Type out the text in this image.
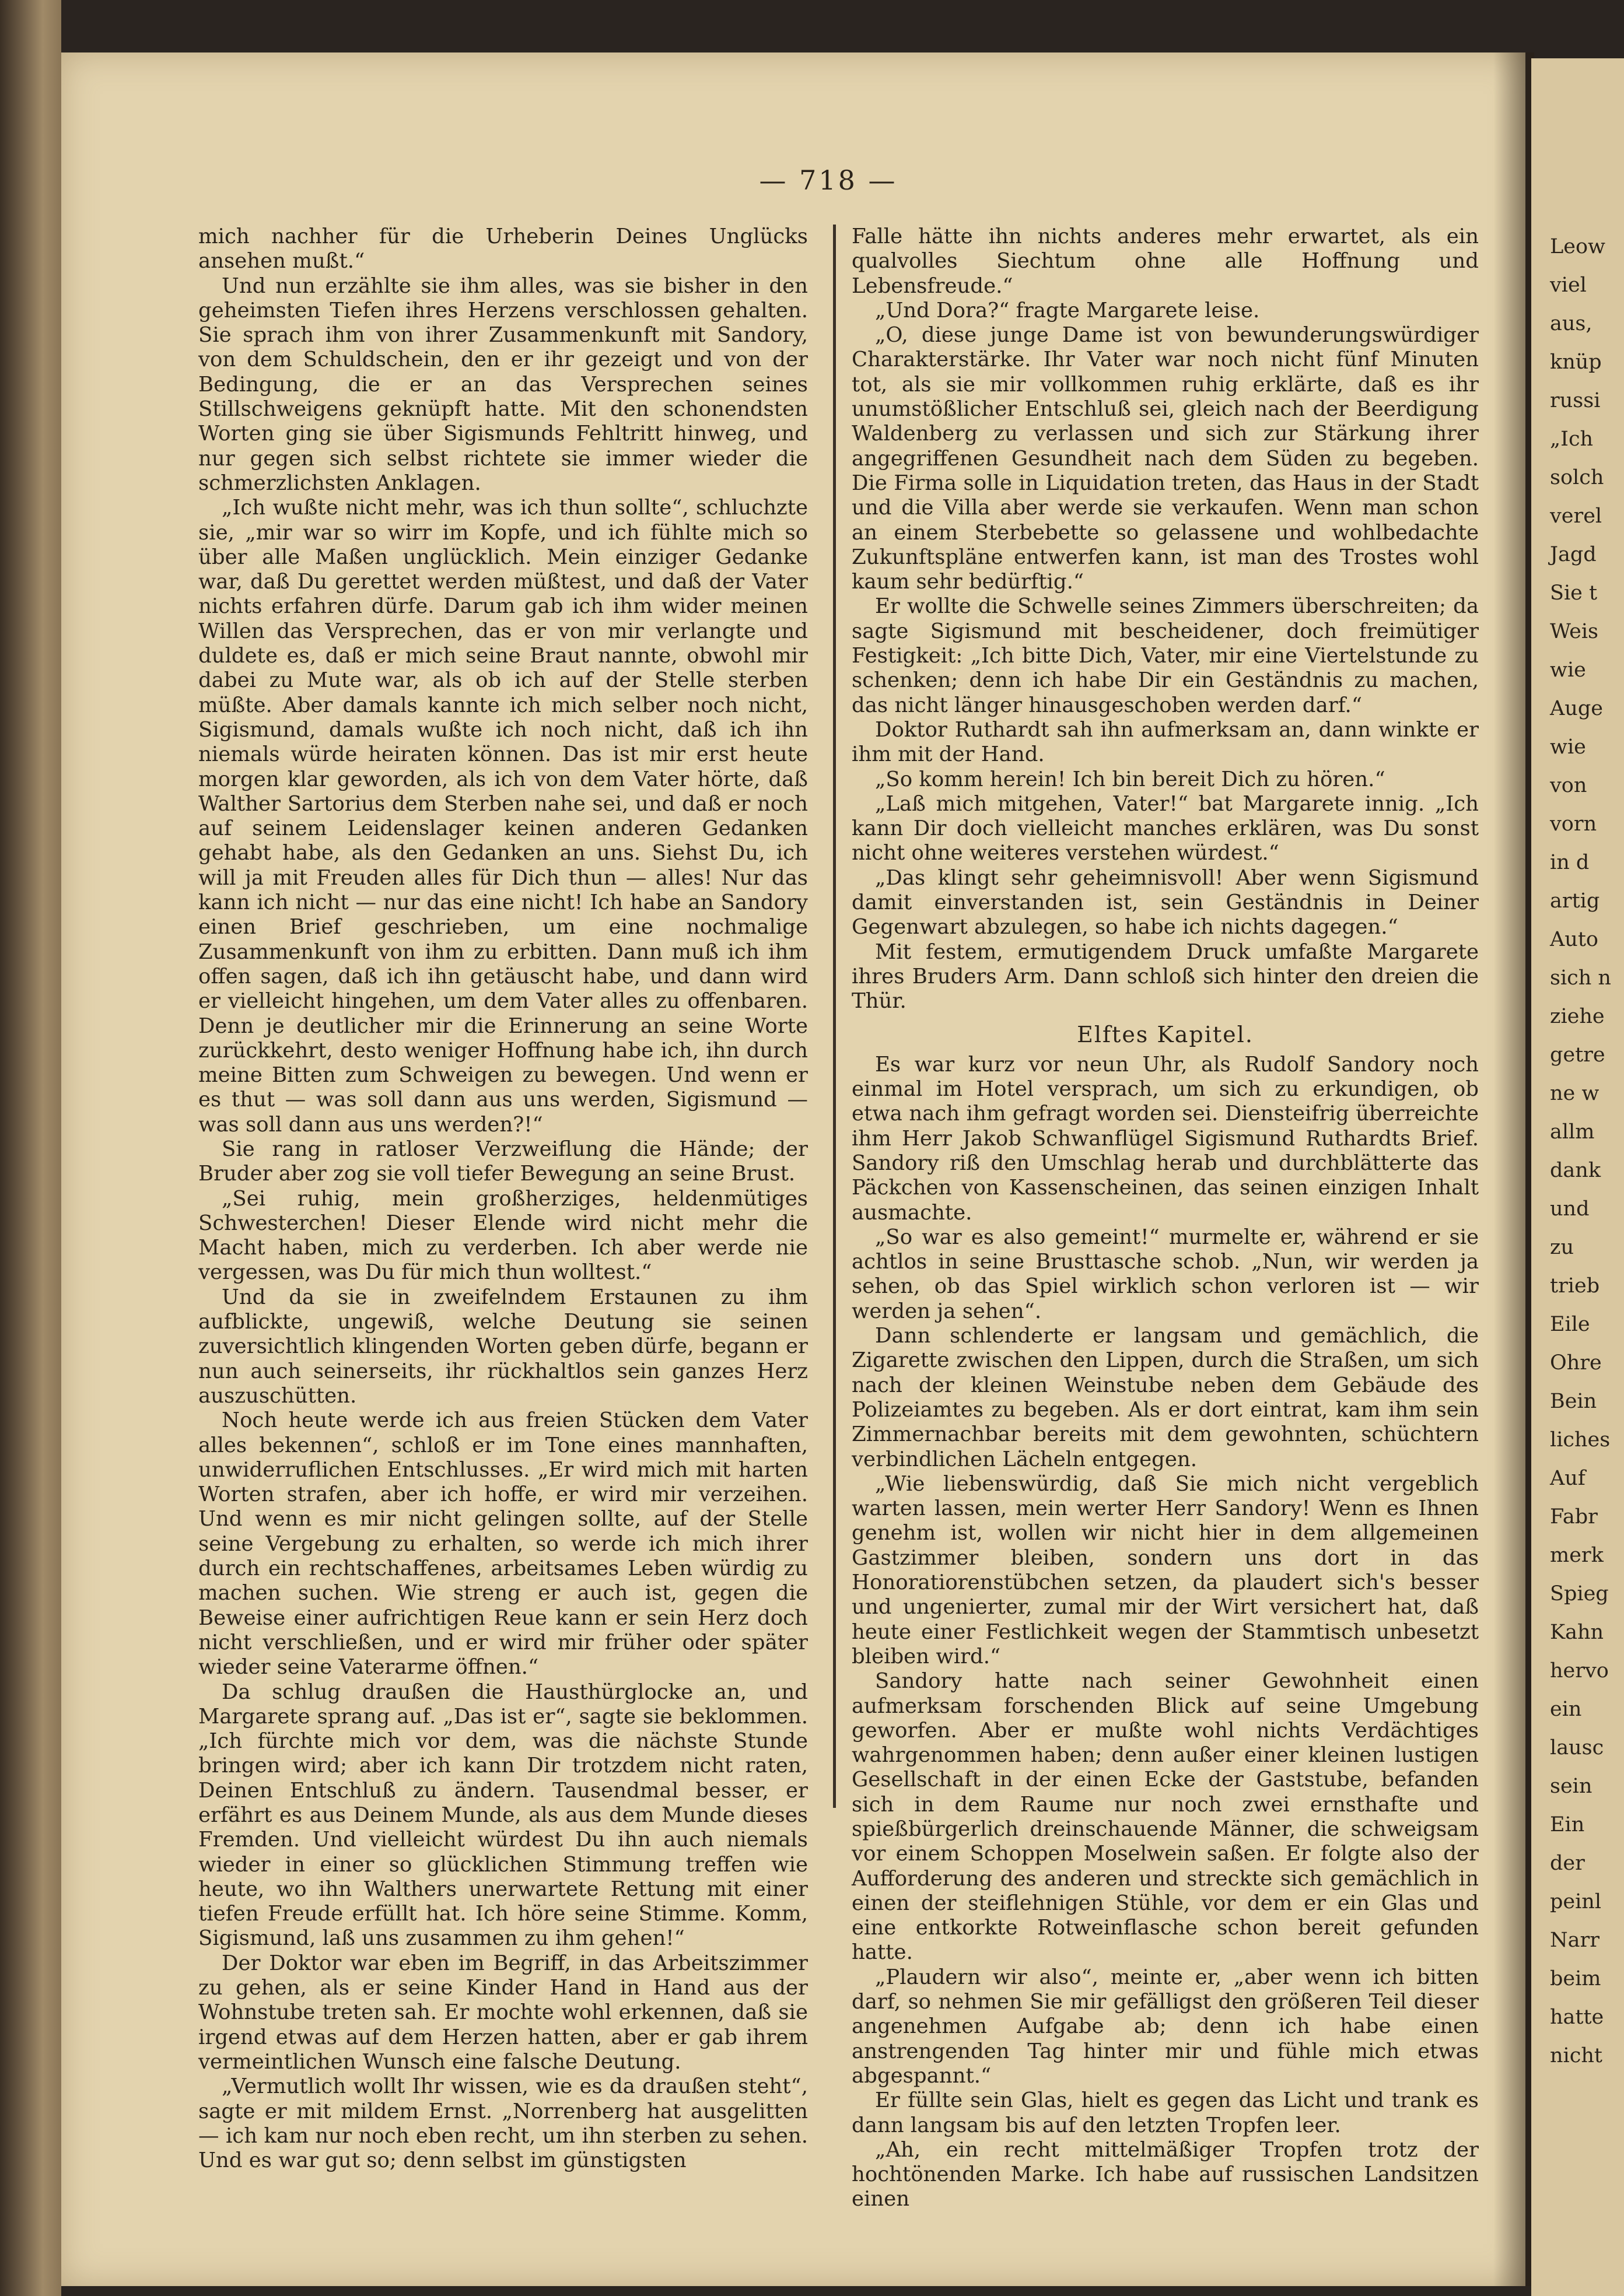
— 718 —

mich nachher für die Urheberin Deines Unglücks ansehen mußt.“

Und nun erzählte sie ihm alles, was sie bisher in den geheimsten Tiefen ihres Herzens verschlossen gehalten. Sie sprach ihm von ihrer Zusammenkunft mit Sandory, von dem Schuldschein, den er ihr gezeigt und von der Bedingung, die er an das Versprechen seines Stillschweigens geknüpft hatte. Mit den schonendsten Worten ging sie über Sigismunds Fehltritt hinweg, und nur gegen sich selbst richtete sie immer wieder die schmerzlichsten Anklagen.

„Ich wußte nicht mehr, was ich thun sollte“, schluchzte sie, „mir war so wirr im Kopfe, und ich fühlte mich so über alle Maßen unglücklich. Mein einziger Gedanke war, daß Du gerettet werden müßtest, und daß der Vater nichts erfahren dürfe. Darum gab ich ihm wider meinen Willen das Versprechen, das er von mir verlangte und duldete es, daß er mich seine Braut nannte, obwohl mir dabei zu Mute war, als ob ich auf der Stelle sterben müßte. Aber damals kannte ich mich selber noch nicht, Sigismund, damals wußte ich noch nicht, daß ich ihn niemals würde heiraten können. Das ist mir erst heute morgen klar geworden, als ich von dem Vater hörte, daß Walther Sartorius dem Sterben nahe sei, und daß er noch auf seinem Leidenslager keinen anderen Gedanken gehabt habe, als den Gedanken an uns. Siehst Du, ich will ja mit Freuden alles für Dich thun — alles! Nur das kann ich nicht — nur das eine nicht! Ich habe an Sandory einen Brief geschrieben, um eine nochmalige Zusammenkunft von ihm zu erbitten. Dann muß ich ihm offen sagen, daß ich ihn getäuscht habe, und dann wird er vielleicht hingehen, um dem Vater alles zu offenbaren. Denn je deutlicher mir die Erinnerung an seine Worte zurückkehrt, desto weniger Hoffnung habe ich, ihn durch meine Bitten zum Schweigen zu bewegen. Und wenn er es thut — was soll dann aus uns werden, Sigismund — was soll dann aus uns werden?!“

Sie rang in ratloser Verzweiflung die Hände; der Bruder aber zog sie voll tiefer Bewegung an seine Brust.

„Sei ruhig, mein großherziges, heldenmütiges Schwesterchen! Dieser Elende wird nicht mehr die Macht haben, mich zu verderben. Ich aber werde nie vergessen, was Du für mich thun wolltest.“

Und da sie in zweifelndem Erstaunen zu ihm aufblickte, ungewiß, welche Deutung sie seinen zuversichtlich klingenden Worten geben dürfe, begann er nun auch seinerseits, ihr rückhaltlos sein ganzes Herz auszuschütten.

Noch heute werde ich aus freien Stücken dem Vater alles bekennen“, schloß er im Tone eines mannhaften, unwiderruflichen Entschlusses. „Er wird mich mit harten Worten strafen, aber ich hoffe, er wird mir verzeihen. Und wenn es mir nicht gelingen sollte, auf der Stelle seine Vergebung zu erhalten, so werde ich mich ihrer durch ein rechtschaffenes, arbeitsames Leben würdig zu machen suchen. Wie streng er auch ist, gegen die Beweise einer aufrichtigen Reue kann er sein Herz doch nicht verschließen, und er wird mir früher oder später wieder seine Vaterarme öffnen.“

Da schlug draußen die Hausthürglocke an, und Margarete sprang auf. „Das ist er“, sagte sie beklommen. „Ich fürchte mich vor dem, was die nächste Stunde bringen wird; aber ich kann Dir trotzdem nicht raten, Deinen Entschluß zu ändern. Tausendmal besser, er erfährt es aus Deinem Munde, als aus dem Munde dieses Fremden. Und vielleicht würdest Du ihn auch niemals wieder in einer so glücklichen Stimmung treffen wie heute, wo ihn Walthers unerwartete Rettung mit einer tiefen Freude erfüllt hat. Ich höre seine Stimme. Komm, Sigismund, laß uns zusammen zu ihm gehen!“

Der Doktor war eben im Begriff, in das Arbeitszimmer zu gehen, als er seine Kinder Hand in Hand aus der Wohnstube treten sah. Er mochte wohl erkennen, daß sie irgend etwas auf dem Herzen hatten, aber er gab ihrem vermeintlichen Wunsch eine falsche Deutung.

„Vermutlich wollt Ihr wissen, wie es da draußen steht“, sagte er mit mildem Ernst. „Norrenberg hat ausgelitten — ich kam nur noch eben recht, um ihn sterben zu sehen. Und es war gut so; denn selbst im günstigsten

Falle hätte ihn nichts anderes mehr erwartet, als ein qualvolles Siechtum ohne alle Hoffnung und Lebensfreude.“

„Und Dora?“ fragte Margarete leise.

„O, diese junge Dame ist von bewunderungswürdiger Charakterstärke. Ihr Vater war noch nicht fünf Minuten tot, als sie mir vollkommen ruhig erklärte, daß es ihr unumstößlicher Entschluß sei, gleich nach der Beerdigung Waldenberg zu verlassen und sich zur Stärkung ihrer angegriffenen Gesundheit nach dem Süden zu begeben. Die Firma solle in Liquidation treten, das Haus in der Stadt und die Villa aber werde sie verkaufen. Wenn man schon an einem Sterbebette so gelassene und wohlbedachte Zukunftspläne entwerfen kann, ist man des Trostes wohl kaum sehr bedürftig.“

Er wollte die Schwelle seines Zimmers überschreiten; da sagte Sigismund mit bescheidener, doch freimütiger Festigkeit: „Ich bitte Dich, Vater, mir eine Viertelstunde zu schenken; denn ich habe Dir ein Geständnis zu machen, das nicht länger hinausgeschoben werden darf.“

Doktor Ruthardt sah ihn aufmerksam an, dann winkte er ihm mit der Hand.

„So komm herein! Ich bin bereit Dich zu hören.“

„Laß mich mitgehen, Vater!“ bat Margarete innig. „Ich kann Dir doch vielleicht manches erklären, was Du sonst nicht ohne weiteres verstehen würdest.“

„Das klingt sehr geheimnisvoll! Aber wenn Sigismund damit einverstanden ist, sein Geständnis in Deiner Gegenwart abzulegen, so habe ich nichts dagegen.“

Mit festem, ermutigendem Druck umfaßte Margarete ihres Bruders Arm. Dann schloß sich hinter den dreien die Thür.

Elftes Kapitel.

Es war kurz vor neun Uhr, als Rudolf Sandory noch einmal im Hotel versprach, um sich zu erkundigen, ob etwa nach ihm gefragt worden sei. Diensteifrig überreichte ihm Herr Jakob Schwanflügel Sigismund Ruthardts Brief. Sandory riß den Umschlag herab und durchblätterte das Päckchen von Kassenscheinen, das seinen einzigen Inhalt ausmachte.

„So war es also gemeint!“ murmelte er, während er sie achtlos in seine Brusttasche schob. „Nun, wir werden ja sehen, ob das Spiel wirklich schon verloren ist — wir werden ja sehen“.

Dann schlenderte er langsam und gemächlich, die Zigarette zwischen den Lippen, durch die Straßen, um sich nach der kleinen Weinstube neben dem Gebäude des Polizeiamtes zu begeben. Als er dort eintrat, kam ihm sein Zimmernachbar bereits mit dem gewohnten, schüchtern verbindlichen Lächeln entgegen.

„Wie liebenswürdig, daß Sie mich nicht vergeblich warten lassen, mein werter Herr Sandory! Wenn es Ihnen genehm ist, wollen wir nicht hier in dem allgemeinen Gastzimmer bleiben, sondern uns dort in das Honoratiorenstübchen setzen, da plaudert sich's besser und ungenierter, zumal mir der Wirt versichert hat, daß heute einer Festlichkeit wegen der Stammtisch unbesetzt bleiben wird.“

Sandory hatte nach seiner Gewohnheit einen aufmerksam forschenden Blick auf seine Umgebung geworfen. Aber er mußte wohl nichts Verdächtiges wahrgenommen haben; denn außer einer kleinen lustigen Gesellschaft in der einen Ecke der Gaststube, befanden sich in dem Raume nur noch zwei ernsthafte und spießbürgerlich dreinschauende Männer, die schweigsam vor einem Schoppen Moselwein saßen. Er folgte also der Aufforderung des anderen und streckte sich gemächlich in einen der steiflehnigen Stühle, vor dem er ein Glas und eine entkorkte Rotweinflasche schon bereit gefunden hatte.

„Plaudern wir also“, meinte er, „aber wenn ich bitten darf, so nehmen Sie mir gefälligst den größeren Teil dieser angenehmen Aufgabe ab; denn ich habe einen anstrengenden Tag hinter mir und fühle mich etwas abgespannt.“

Er füllte sein Glas, hielt es gegen das Licht und trank es dann langsam bis auf den letzten Tropfen leer.

„Ah, ein recht mittelmäßiger Tropfen trotz der hochtönenden Marke. Ich habe auf russischen Landsitzen einen

Leow
viel
aus,
knüp
russi
„Ich
solch
verel
Jagd
Sie t
Weis
wie
Auge
wie
von
vorn
in d
artig
Auto
sich n
ziehe
getre
ne w
allm
dank
und
zu
trieb
Eile
Ohre
Bein
liches
Auf
Fabr
merk
Spieg
Kahn
hervo
ein
lausc
sein
Ein
der
peinl
Narr
beim
hatte
nicht
